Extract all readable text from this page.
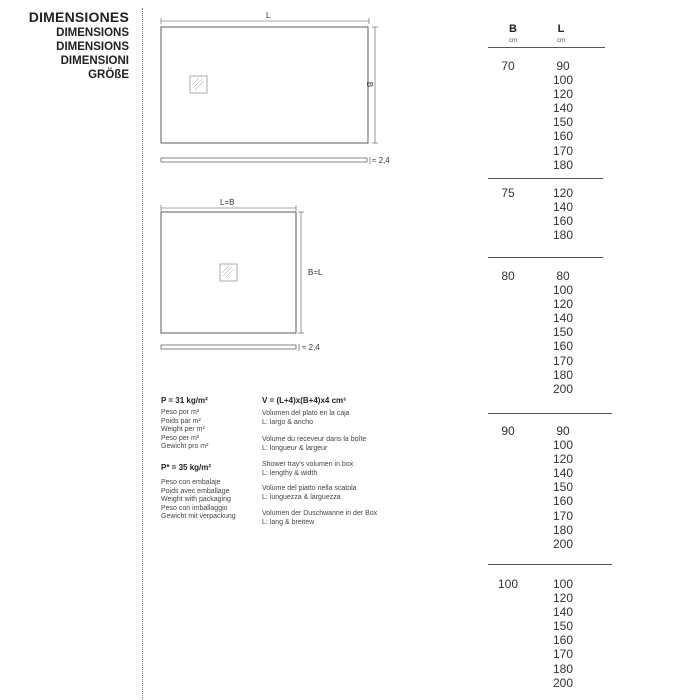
DIMENSIONES
DIMENSIONS
DIMENSIONS
DIMENSIONI
GRÖßE
L
B
≈ 2,4
L=B
B=L
≈ 2,4
P = 31 kg/m²
Peso por m²
Poids par m²
Weight per m²
Peso per m²
Gewicht pro m²
P* = 35 kg/m²
Peso con embalaje
Poids avec emballage
Weight with packaging
Peso con imballaggio
Gewicht mit verpackung
V = (L+4)x(B+4)x4 cm³
Volumen del plato en la caja
L: largo & ancho
Volume du receveur dans la boîte
L: longueur & largeur
Shower tray's volumen in box
L: lengthy & width
Volume del piatto nella scatola
L: lunguezza & larguezza
Volumen der Duschwanne in der Box
L: lang & breitew
B	L
cm	cm
70	90
100
120
140
150
160
170
180
75	120
140
160
180
80	80
100
120
140
150
160
170
180
200
90	90
100
120
140
150
160
170
180
200
100	100
120
140
150
160
170
180
200
